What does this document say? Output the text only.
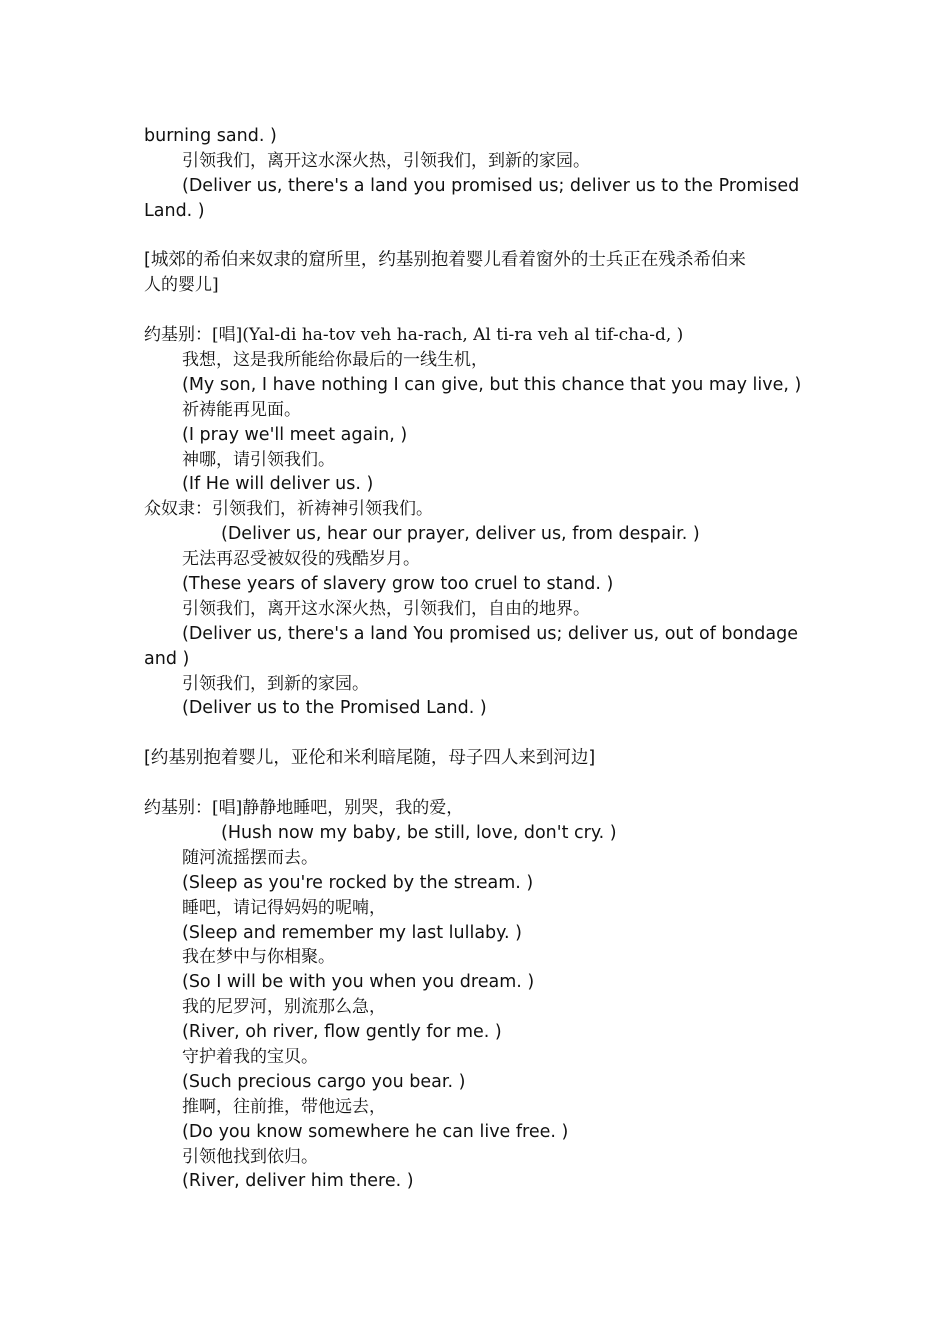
burning sand. )
引领我们，离开这水深火热，引领我们，到新的家园。
(Deliver us, there's a land you promised us; deliver us to the Promised
Land. )
[城郊的希伯来奴隶的窟所里，约基别抱着婴儿看着窗外的士兵正在残杀希伯来
人的婴儿]
约基别：[唱](Yal-di ha-tov veh ha-rach, Al ti-ra veh al tif-cha-d, )
我想，这是我所能给你最后的一线生机，
(My son, I have nothing I can give, but this chance that you may live, )
祈祷能再见面。
(I pray we'll meet again, )
神哪，请引领我们。
(If He will deliver us. )
众奴隶：引领我们，祈祷神引领我们。
(Deliver us, hear our prayer, deliver us, from despair. )
无法再忍受被奴役的残酷岁月。
(These years of slavery grow too cruel to stand. )
引领我们，离开这水深火热，引领我们，自由的地界。
(Deliver us, there's a land You promised us; deliver us, out of bondage
and )
引领我们，到新的家园。
(Deliver us to the Promised Land. )
[约基别抱着婴儿，亚伦和米利暗尾随，母子四人来到河边]
约基别：[唱]静静地睡吧，别哭，我的爱，
(Hush now my baby, be still, love, don't cry. )
随河流摇摆而去。
(Sleep as you're rocked by the stream. )
睡吧，请记得妈妈的呢喃，
(Sleep and remember my last lullaby. )
我在梦中与你相聚。
(So I will be with you when you dream. )
我的尼罗河，别流那么急，
(River, oh river, flow gently for me. )
守护着我的宝贝。
(Such precious cargo you bear. )
推啊，往前推，带他远去，
(Do you know somewhere he can live free. )
引领他找到依归。
(River, deliver him there. )
